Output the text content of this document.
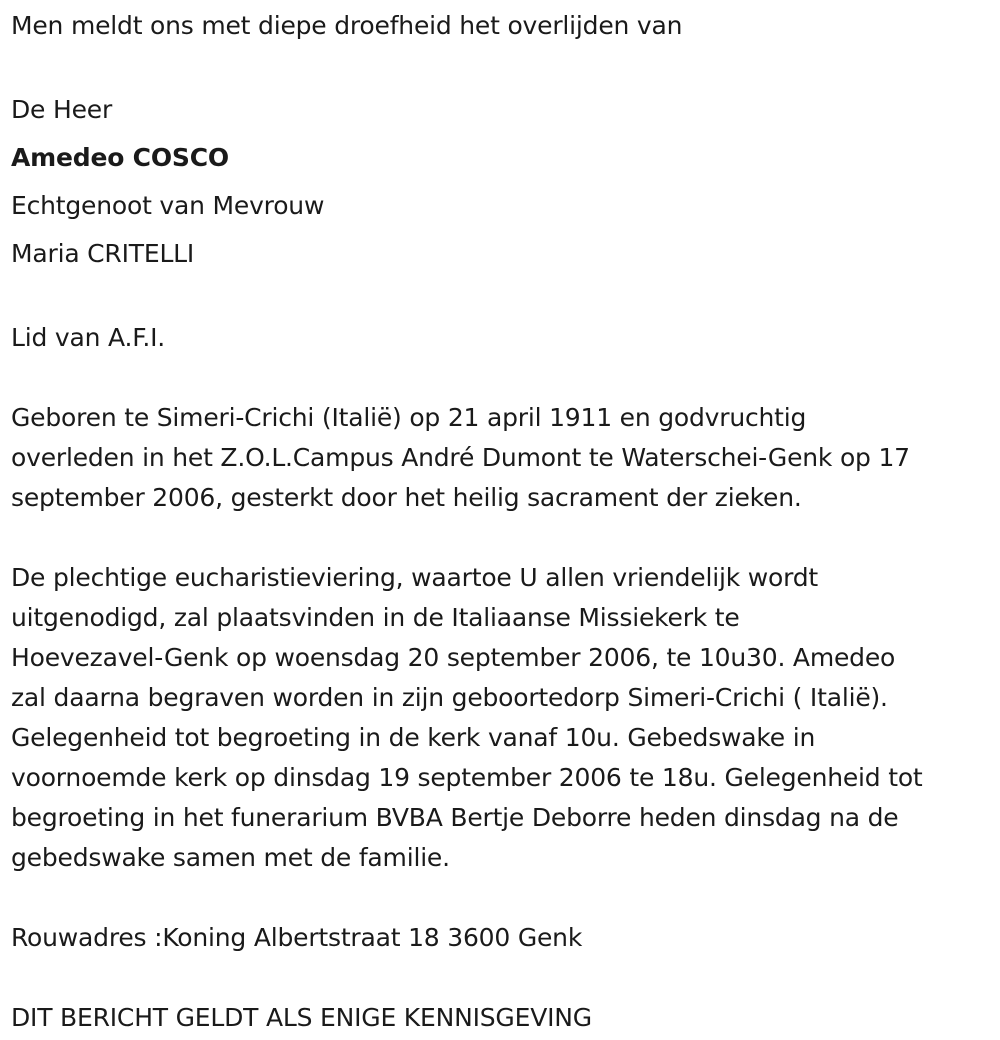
Men meldt ons met diepe droefheid het overlijden van
De Heer
Amedeo COSCO
Echtgenoot van Mevrouw
Maria CRITELLI
Lid van A.F.I.
Geboren te Simeri-Crichi (Italië) op 21 april 1911 en godvruchtig
overleden in het Z.O.L.Campus André Dumont te Waterschei-Genk op 17
september 2006, gesterkt door het heilig sacrament der zieken.
De plechtige eucharistieviering, waartoe U allen vriendelijk wordt
uitgenodigd, zal plaatsvinden in de Italiaanse Missiekerk te
Hoevezavel-Genk op woensdag 20 september 2006, te 10u30. Amedeo
zal daarna begraven worden in zijn geboortedorp Simeri-Crichi ( Italië).
Gelegenheid tot begroeting in de kerk vanaf 10u. Gebedswake in
voornoemde kerk op dinsdag 19 september 2006 te 18u. Gelegenheid tot
begroeting in het funerarium BVBA Bertje Deborre heden dinsdag na de
gebedswake samen met de familie.
Rouwadres :Koning Albertstraat 18 3600 Genk
DIT BERICHT GELDT ALS ENIGE KENNISGEVING
